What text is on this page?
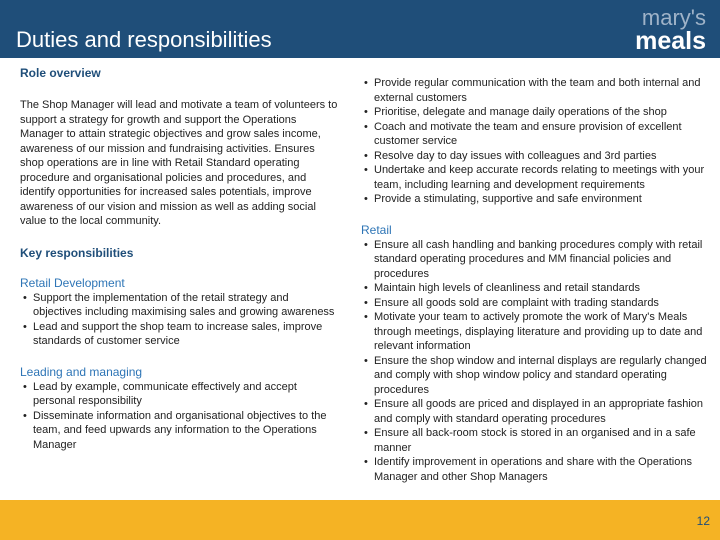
Duties and responsibilities
mary's
meals
Role overview

The Shop Manager will lead and motivate a team of volunteers to support a strategy for growth and support the Operations Manager to attain strategic objectives and grow sales income, awareness of our mission and fundraising activities. Ensures shop operations are in line with Retail Standard operating procedure and organisational policies and procedures, and identify opportunities for increased sales potentials, improve awareness of our vision and mission as well as adding social value to the local community.

Key responsibilities
Retail Development
• Support the implementation of the retail strategy and objectives including maximising sales and growing awareness
• Lead and support the shop team to increase sales, improve standards of customer service
Leading and managing
• Lead by example, communicate effectively and accept personal responsibility
• Disseminate information and organisational objectives to the team, and feed upwards any information to the Operations Manager
• Provide regular communication with the team and both internal and external customers
• Prioritise, delegate and manage daily operations of the shop
• Coach and motivate the team and ensure provision of excellent customer service
• Resolve day to day issues with colleagues and 3rd parties
• Undertake and keep accurate records relating to meetings with your team, including learning and development requirements
• Provide a stimulating, supportive and safe environment
Retail
• Ensure all cash handling and banking procedures comply with retail standard operating procedures and MM financial policies and procedures
• Maintain high levels of cleanliness and retail standards
• Ensure all goods sold are complaint with trading standards
• Motivate your team to actively promote the work of Mary's Meals through meetings, displaying literature and providing up to date and relevant information
• Ensure the shop window and internal displays are regularly changed and comply with shop window policy and standard operating procedures
• Ensure all goods are priced and displayed in an appropriate fashion and comply with standard operating procedures
• Ensure all back-room stock is stored in an organised and in a safe manner
• Identify improvement in operations and share with the Operations Manager and other Shop Managers
12
